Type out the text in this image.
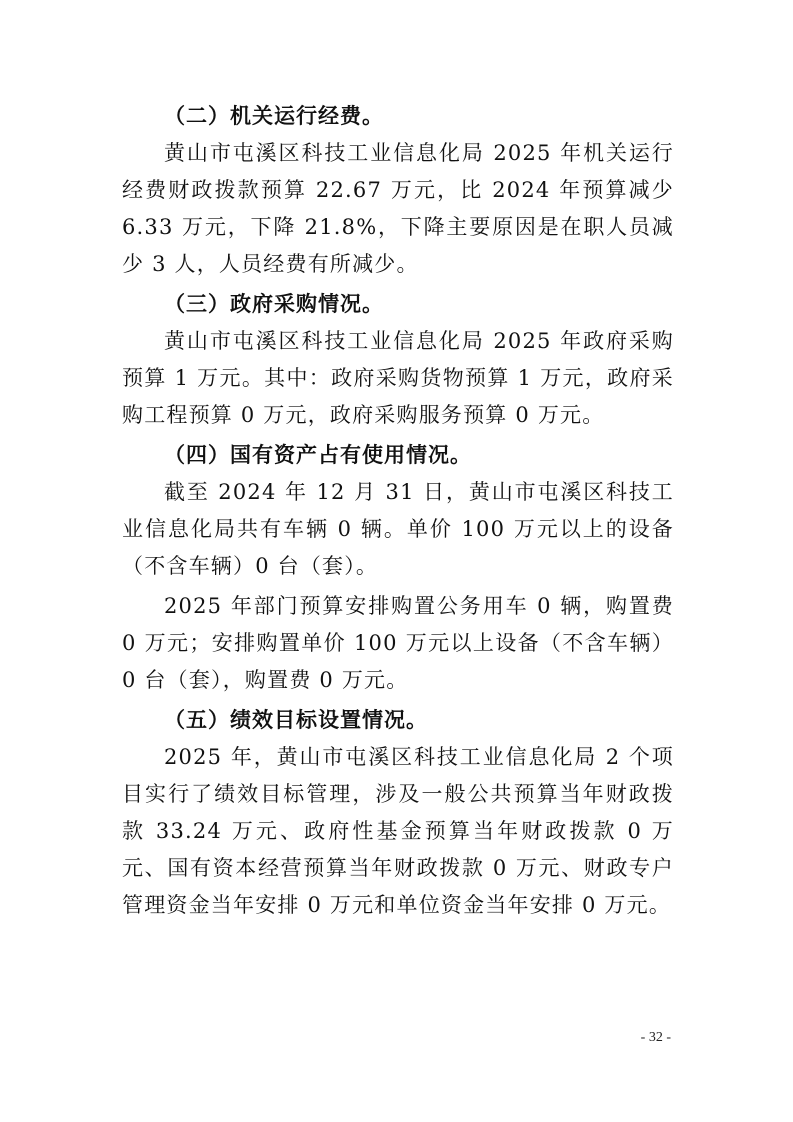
（二）机关运行经费。

黄山市屯溪区科技工业信息化局 2025 年机关运行经费财政拨款预算 22.67 万元，比 2024 年预算减少 6.33 万元，下降 21.8%，下降主要原因是在职人员减少 3 人，人员经费有所减少。

（三）政府采购情况。

黄山市屯溪区科技工业信息化局 2025 年政府采购预算 1 万元。其中：政府采购货物预算 1 万元，政府采购工程预算 0 万元，政府采购服务预算 0 万元。

（四）国有资产占有使用情况。

截至 2024 年 12 月 31 日，黄山市屯溪区科技工业信息化局共有车辆 0 辆。单价 100 万元以上的设备（不含车辆）0 台（套）。

2025 年部门预算安排购置公务用车 0 辆，购置费 0 万元；安排购置单价 100 万元以上设备（不含车辆）0 台（套），购置费 0 万元。

（五）绩效目标设置情况。

2025 年，黄山市屯溪区科技工业信息化局 2 个项目实行了绩效目标管理，涉及一般公共预算当年财政拨款 33.24 万元、政府性基金预算当年财政拨款 0 万元、国有资本经营预算当年财政拨款 0 万元、财政专户管理资金当年安排 0 万元和单位资金当年安排 0 万元。

- 32 -
